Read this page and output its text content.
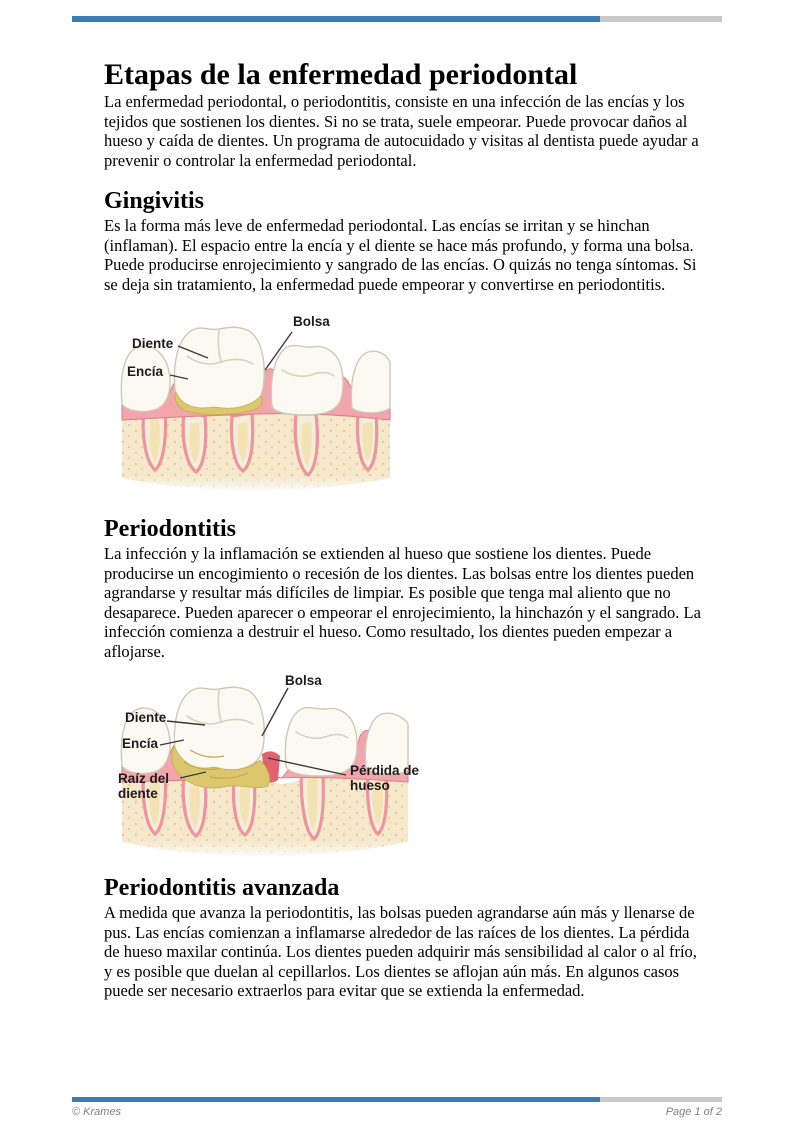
Etapas de la enfermedad periodontal

La enfermedad periodontal, o periodontitis, consiste en una infección de las encías y los tejidos que sostienen los dientes. Si no se trata, suele empeorar. Puede provocar daños al hueso y caída de dientes. Un programa de autocuidado y visitas al dentista puede ayudar a prevenir o controlar la enfermedad periodontal.

Gingivitis

Es la forma más leve de enfermedad periodontal. Las encías se irritan y se hinchan (inflaman). El espacio entre la encía y el diente se hace más profundo, y forma una bolsa. Puede producirse enrojecimiento y sangrado de las encías. O quizás no tenga síntomas. Si se deja sin tratamiento, la enfermedad puede empeorar y convertirse en periodontitis.

Bolsa
Diente
Encía
Periodontitis

La infección y la inflamación se extienden al hueso que sostiene los dientes. Puede producirse un encogimiento o recesión de los dientes. Las bolsas entre los dientes pueden agrandarse y resultar más difíciles de limpiar. Es posible que tenga mal aliento que no desaparece. Pueden aparecer o empeorar el enrojecimiento, la hinchazón y el sangrado. La infección comienza a destruir el hueso. Como resultado, los dientes pueden empezar a aflojarse.

Bolsa
Diente
Encía
Raíz del diente
Pérdida de hueso
Periodontitis avanzada

A medida que avanza la periodontitis, las bolsas pueden agrandarse aún más y llenarse de pus. Las encías comienzan a inflamarse alrededor de las raíces de los dientes. La pérdida de hueso maxilar continúa. Los dientes pueden adquirir más sensibilidad al calor o al frío, y es posible que duelan al cepillarlos. Los dientes se aflojan aún más. En algunos casos puede ser necesario extraerlos para evitar que se extienda la enfermedad.

© Krames	Page 1 of 2
